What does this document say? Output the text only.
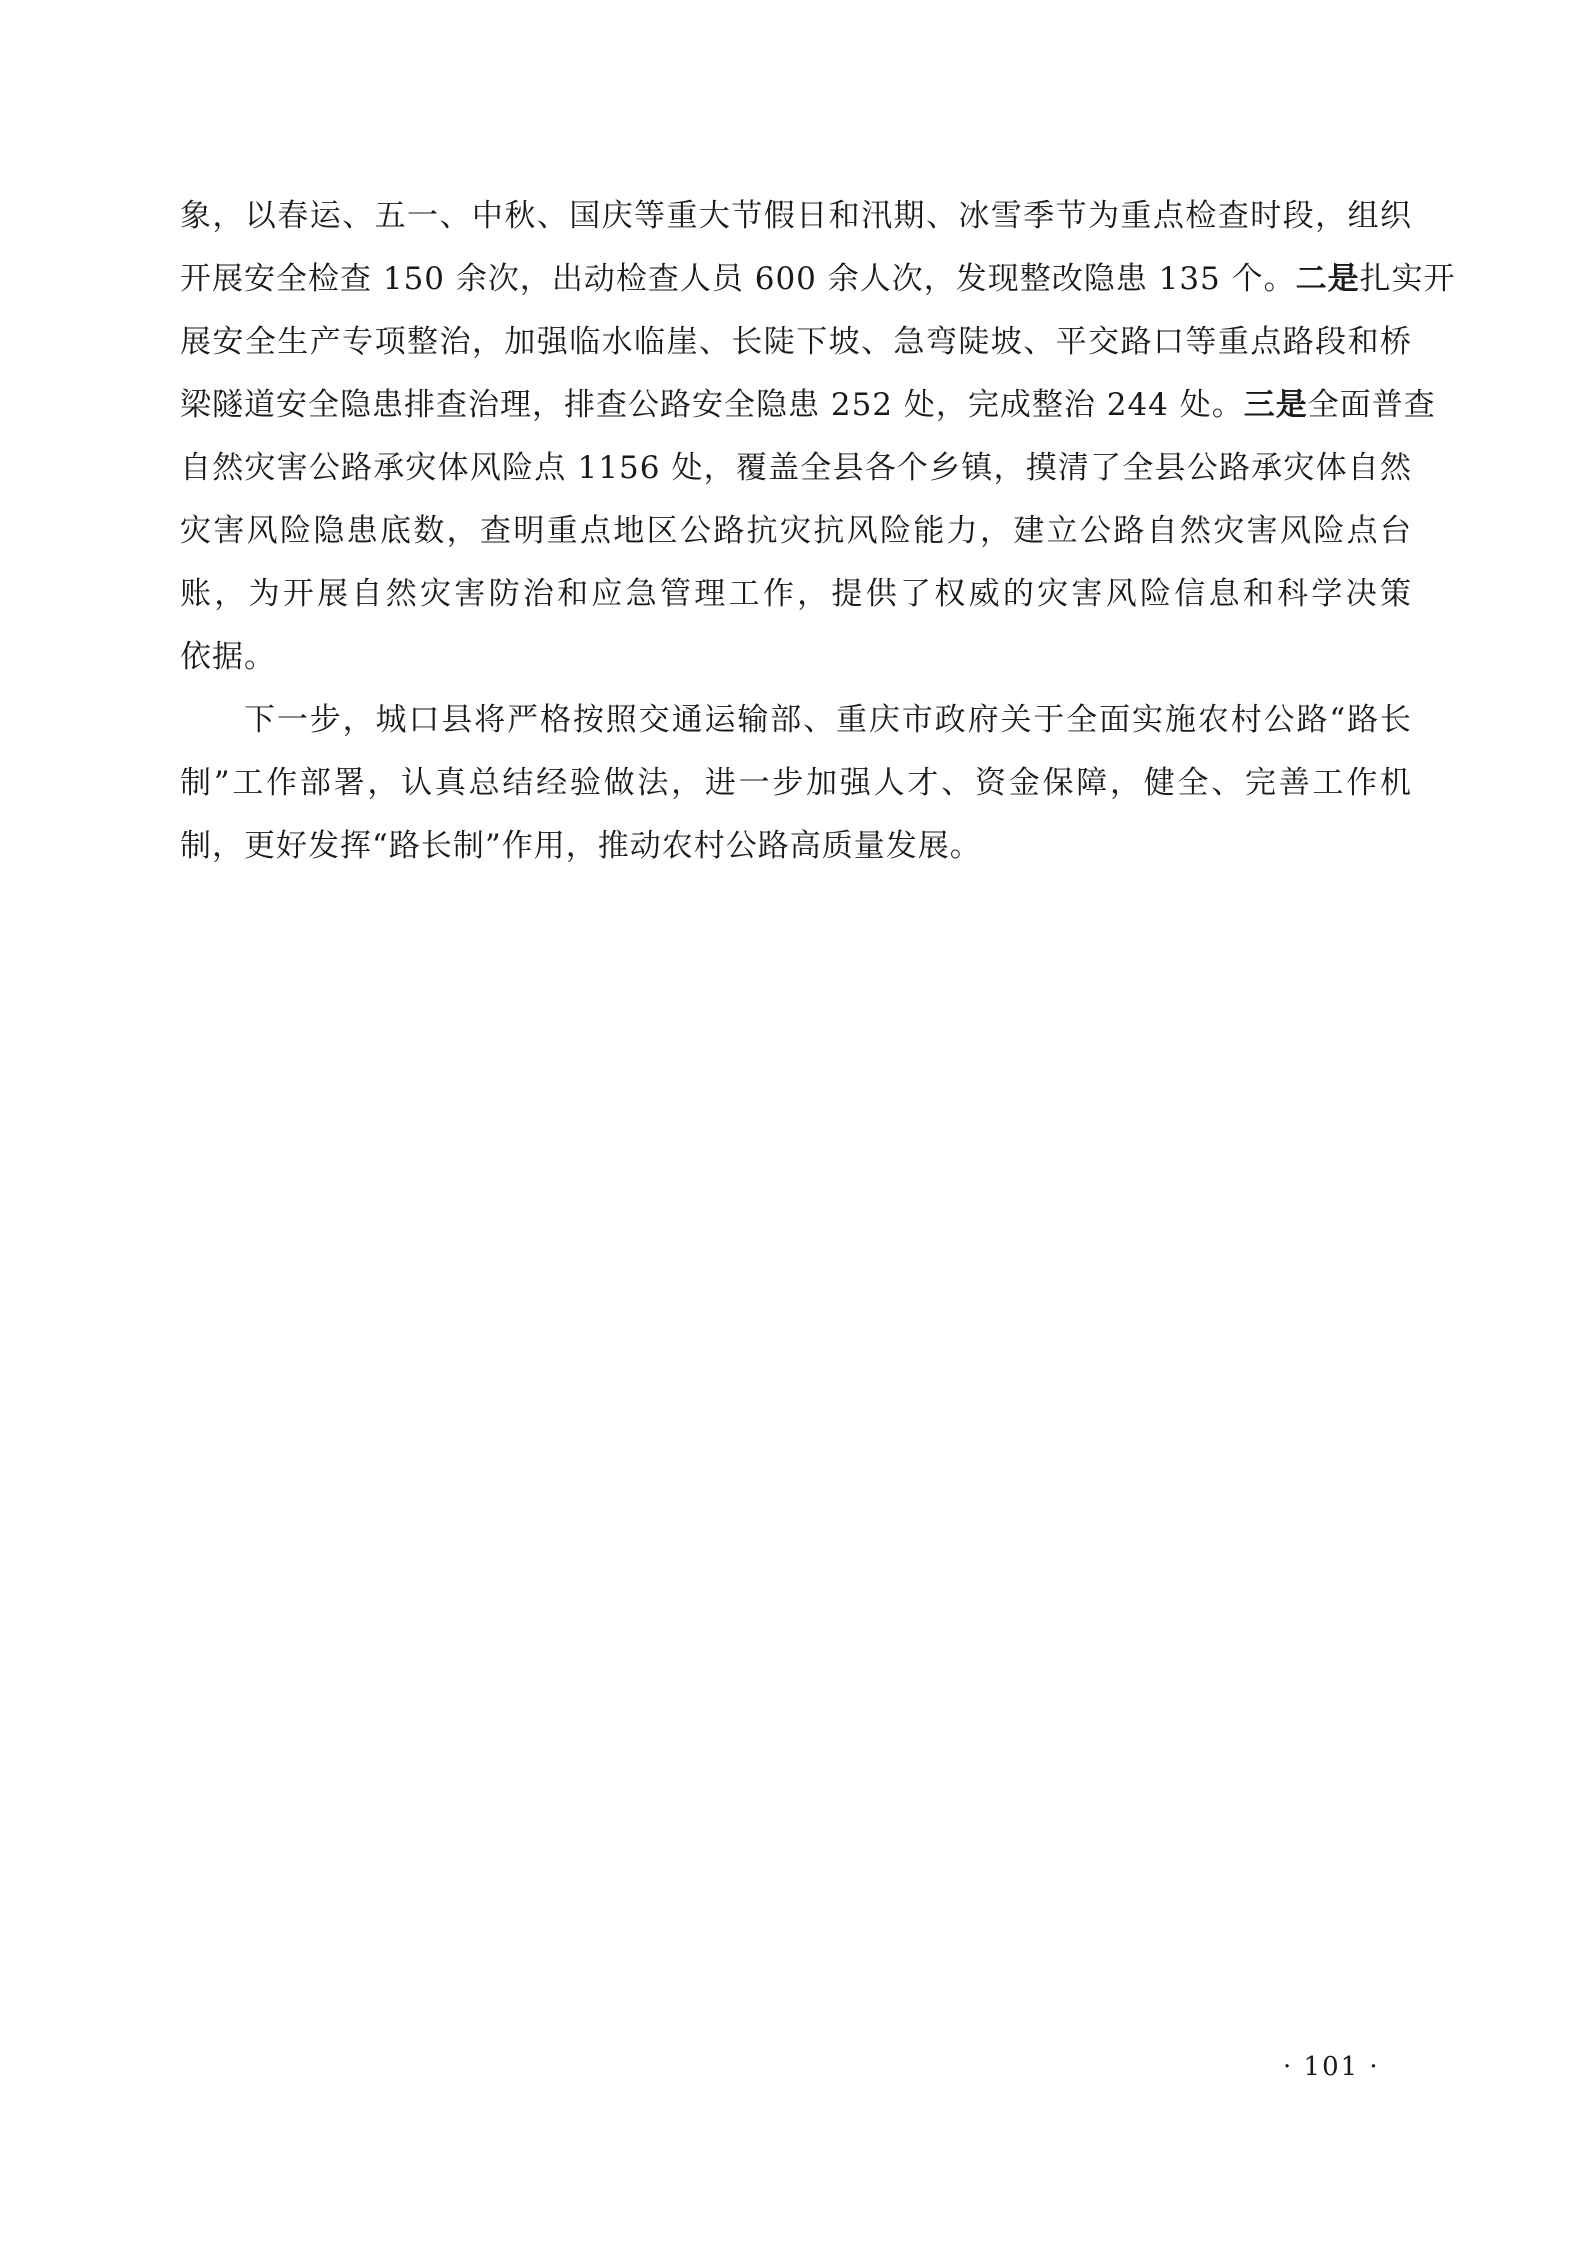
象，以春运、五一、中秋、国庆等重大节假日和汛期、冰雪季节为重点检查时段，组织
开展安全检查 150 余次，出动检查人员 600 余人次，发现整改隐患 135 个。二是扎实开
展安全生产专项整治，加强临水临崖、长陡下坡、急弯陡坡、平交路口等重点路段和桥
梁隧道安全隐患排查治理，排查公路安全隐患 252 处，完成整治 244 处。三是全面普查
自然灾害公路承灾体风险点 1156 处，覆盖全县各个乡镇，摸清了全县公路承灾体自然
灾害风险隐患底数，查明重点地区公路抗灾抗风险能力，建立公路自然灾害风险点台
账，为开展自然灾害防治和应急管理工作，提供了权威的灾害风险信息和科学决策
依据。
下一步，城口县将严格按照交通运输部、重庆市政府关于全面实施农村公路“路长
制”工作部署，认真总结经验做法，进一步加强人才、资金保障，健全、完善工作机
制，更好发挥“路长制”作用，推动农村公路高质量发展。
· 101 ·
